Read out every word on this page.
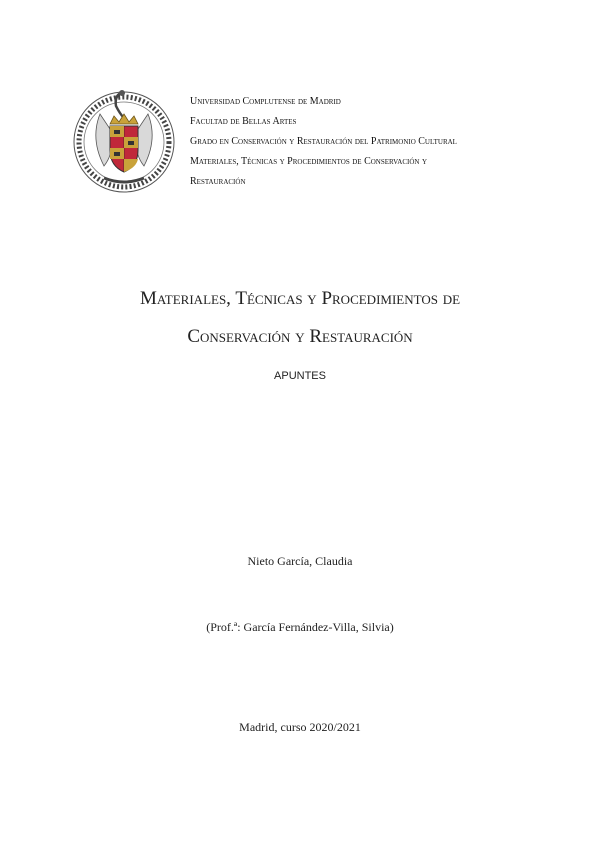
Universidad Complutense de Madrid
Facultad de Bellas Artes
Grado en Conservación y Restauración del Patrimonio Cultural
Materiales, Técnicas y Procedimientos de Conservación y
Restauración
Materiales, Técnicas y Procedimientos de
Conservación y Restauración
APUNTES
Nieto García, Claudia
(Prof.ª: García Fernández-Villa, Silvia)
Madrid, curso 2020/2021
